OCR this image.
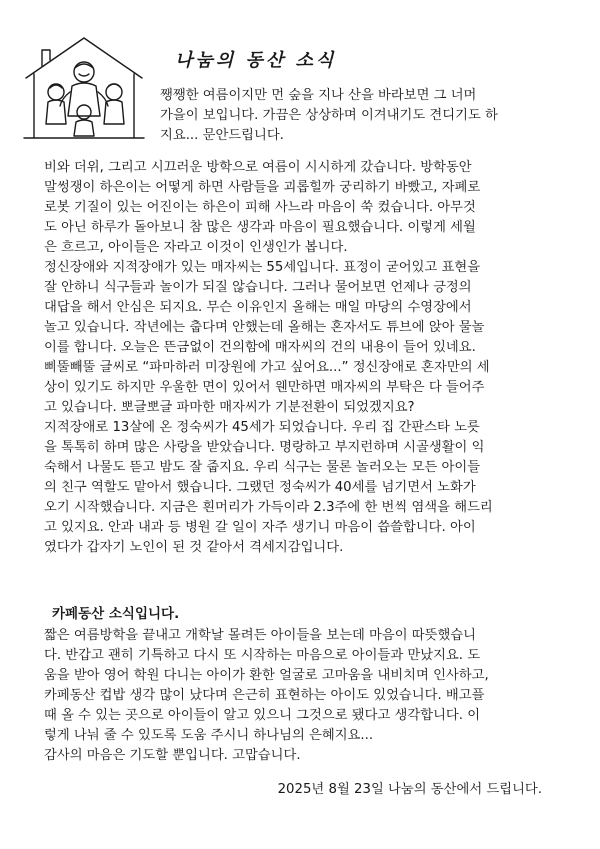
나눔의 동산 소식

쨍쨍한 여름이지만 먼 숲을 지나 산을 바라보면 그 너머
가을이 보입니다. 가끔은 상상하며 이겨내기도 견디기도 하
지요... 문안드립니다.

비와 더위, 그리고 시끄러운 방학으로 여름이 시시하게 갔습니다. 방학동안
말썽쟁이 하은이는 어떻게 하면 사람들을 괴롭힐까 궁리하기 바빴고, 자폐로
로봇 기질이 있는 어진이는 하은이 피해 사느라 마음이 쑥 컸습니다. 아무것
도 아닌 하루가 돌아보니 참 많은 생각과 마음이 필요했습니다. 이렇게 세월
은 흐르고, 아이들은 자라고 이것이 인생인가 봅니다.
정신장애와 지적장애가 있는 매자씨는 55세입니다. 표정이 굳어있고 표현을
잘 안하니 식구들과 놀이가 되질 않습니다. 그러나 물어보면 언제나 긍정의
대답을 해서 안심은 되지요. 무슨 이유인지 올해는 매일 마당의 수영장에서
놀고 있습니다. 작년에는 춥다며 안했는데 올해는 혼자서도 튜브에 앉아 물놀
이를 합니다. 오늘은 뜬금없이 건의함에 매자씨의 건의 내용이 들어 있네요.
삐뚤빼뚤 글씨로 “파마하러 미장원에 가고 싶어요...” 정신장애로 혼자만의 세
상이 있기도 하지만 우울한 면이 있어서 웬만하면 매자씨의 부탁은 다 들어주
고 있습니다. 뽀글뽀글 파마한 매자씨가 기분전환이 되었겠지요?
지적장애로 13살에 온 정숙씨가 45세가 되었습니다. 우리 집 간판스타 노릇
을 톡톡히 하며 많은 사랑을 받았습니다. 명랑하고 부지런하며 시골생활이 익
숙해서 나물도 뜯고 밤도 잘 줍지요. 우리 식구는 물론 놀러오는 모든 아이들
의 친구 역할도 맡아서 했습니다. 그랬던 정숙씨가 40세를 넘기면서 노화가
오기 시작했습니다. 지금은 흰머리가 가득이라 2.3주에 한 번씩 염색을 해드리
고 있지요. 안과 내과 등 병원 갈 일이 자주 생기니 마음이 씁쓸합니다. 아이
였다가 갑자기 노인이 된 것 같아서 격세지감입니다.
카페동산 소식입니다.
짧은 여름방학을 끝내고 개학날 몰려든 아이들을 보는데 마음이 따뜻했습니
다. 반갑고 괜히 기특하고 다시 또 시작하는 마음으로 아이들과 만났지요. 도
움을 받아 영어 학원 다니는 아이가 환한 얼굴로 고마움을 내비치며 인사하고,
카페동산 컵밥 생각 많이 났다며 은근히 표현하는 아이도 있었습니다. 배고플
때 올 수 있는 곳으로 아이들이 알고 있으니 그것으로 됐다고 생각합니다. 이
렇게 나눠 줄 수 있도록 도움 주시니 하나님의 은혜지요...
감사의 마음은 기도할 뿐입니다. 고맙습니다.

2025년 8월 23일 나눔의 동산에서 드립니다.
